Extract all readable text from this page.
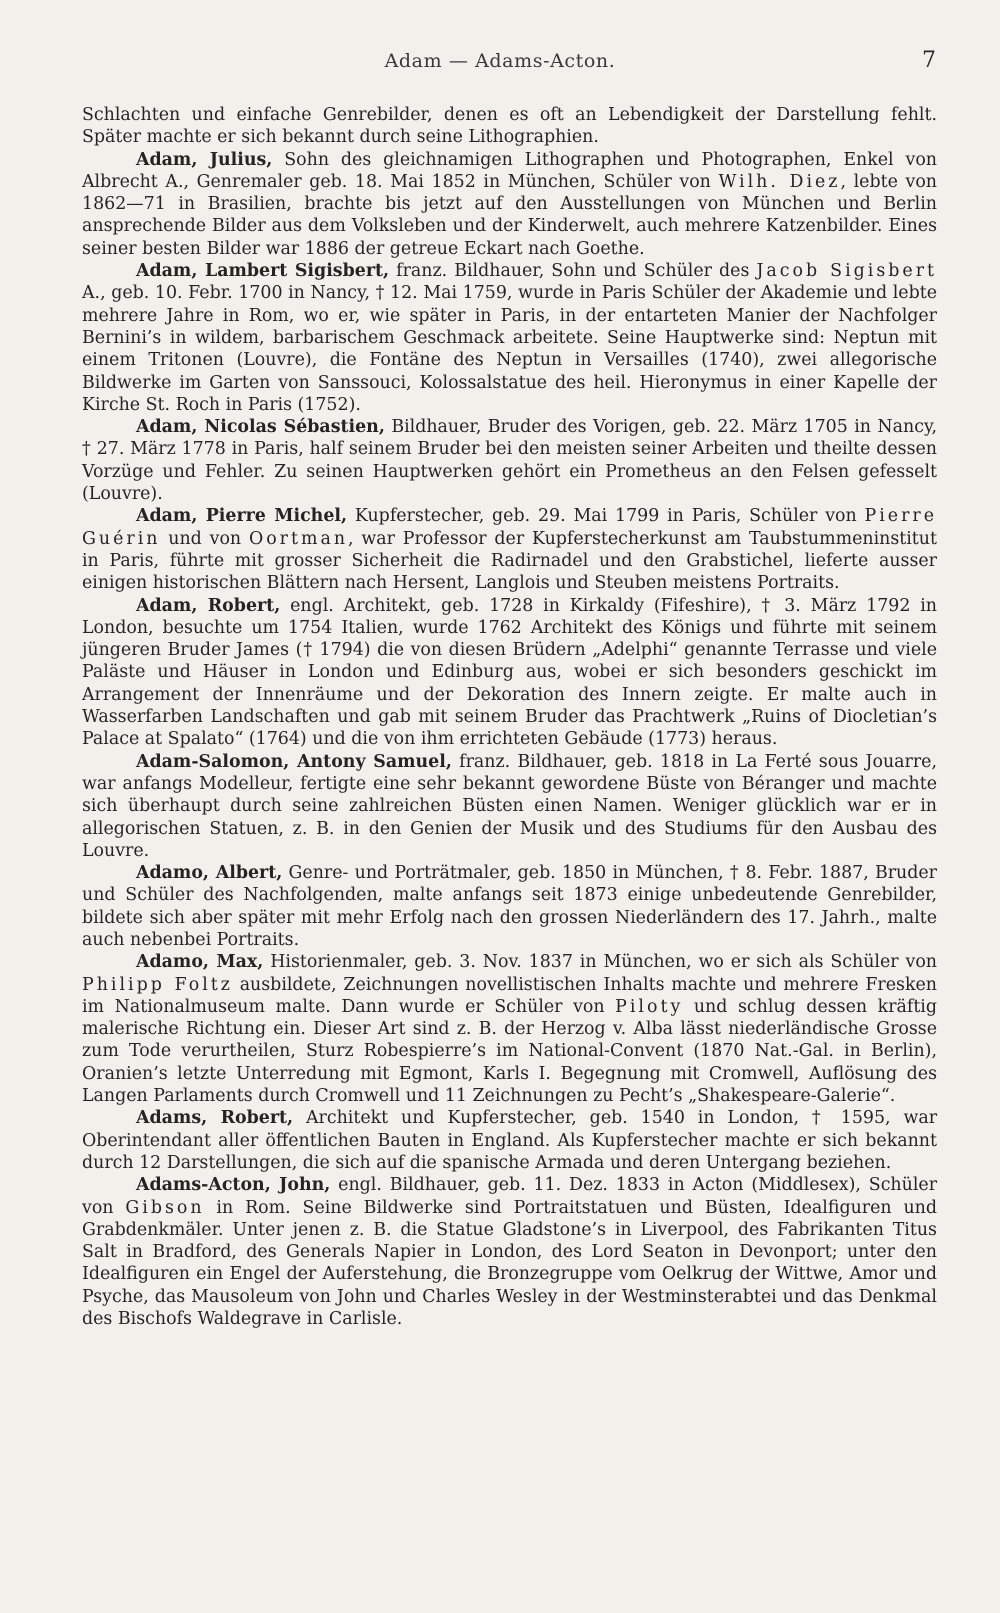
Adam — Adams-Acton.	7

Schlachten und einfache Genrebilder, denen es oft an Lebendigkeit der Darstellung fehlt. Später machte er sich bekannt durch seine Lithographien.

Adam, Julius, Sohn des gleichnamigen Lithographen und Photographen, Enkel von Albrecht A., Genremaler geb. 18. Mai 1852 in München, Schüler von Wilh. Diez, lebte von 1862—71 in Brasilien, brachte bis jetzt auf den Ausstellungen von München und Berlin ansprechende Bilder aus dem Volksleben und der Kinderwelt, auch mehrere Katzenbilder. Eines seiner besten Bilder war 1886 der getreue Eckart nach Goethe.

Adam, Lambert Sigisbert, franz. Bildhauer, Sohn und Schüler des Jacob Sigisbert A., geb. 10. Febr. 1700 in Nancy, † 12. Mai 1759, wurde in Paris Schüler der Akademie und lebte mehrere Jahre in Rom, wo er, wie später in Paris, in der entarteten Manier der Nachfolger Bernini’s in wildem, barbarischem Geschmack arbeitete. Seine Hauptwerke sind: Neptun mit einem Tritonen (Louvre), die Fontäne des Neptun in Versailles (1740), zwei allegorische Bildwerke im Garten von Sanssouci, Kolossalstatue des heil. Hieronymus in einer Kapelle der Kirche St. Roch in Paris (1752).

Adam, Nicolas Sébastien, Bildhauer, Bruder des Vorigen, geb. 22. März 1705 in Nancy, † 27. März 1778 in Paris, half seinem Bruder bei den meisten seiner Arbeiten und theilte dessen Vorzüge und Fehler. Zu seinen Hauptwerken gehört ein Prometheus an den Felsen gefesselt (Louvre).

Adam, Pierre Michel, Kupferstecher, geb. 29. Mai 1799 in Paris, Schüler von Pierre Guérin und von Oortman, war Professor der Kupferstecherkunst am Taubstummeninstitut in Paris, führte mit grosser Sicherheit die Radirnadel und den Grabstichel, lieferte ausser einigen historischen Blättern nach Hersent, Langlois und Steuben meistens Portraits.

Adam, Robert, engl. Architekt, geb. 1728 in Kirkaldy (Fifeshire), † 3. März 1792 in London, besuchte um 1754 Italien, wurde 1762 Architekt des Königs und führte mit seinem jüngeren Bruder James († 1794) die von diesen Brüdern „Adelphi“ genannte Terrasse und viele Paläste und Häuser in London und Edinburg aus, wobei er sich besonders geschickt im Arrangement der Innenräume und der Dekoration des Innern zeigte. Er malte auch in Wasserfarben Landschaften und gab mit seinem Bruder das Prachtwerk „Ruins of Diocletian’s Palace at Spalato“ (1764) und die von ihm errichteten Gebäude (1773) heraus.

Adam-Salomon, Antony Samuel, franz. Bildhauer, geb. 1818 in La Ferté sous Jouarre, war anfangs Modelleur, fertigte eine sehr bekannt gewordene Büste von Béranger und machte sich überhaupt durch seine zahlreichen Büsten einen Namen. Weniger glücklich war er in allegorischen Statuen, z. B. in den Genien der Musik und des Studiums für den Ausbau des Louvre.

Adamo, Albert, Genre- und Porträtmaler, geb. 1850 in München, † 8. Febr. 1887, Bruder und Schüler des Nachfolgenden, malte anfangs seit 1873 einige unbedeutende Genrebilder, bildete sich aber später mit mehr Erfolg nach den grossen Niederländern des 17. Jahrh., malte auch nebenbei Portraits.

Adamo, Max, Historienmaler, geb. 3. Nov. 1837 in München, wo er sich als Schüler von Philipp Foltz ausbildete, Zeichnungen novellistischen Inhalts machte und mehrere Fresken im Nationalmuseum malte. Dann wurde er Schüler von Piloty und schlug dessen kräftig malerische Richtung ein. Dieser Art sind z. B. der Herzog v. Alba lässt niederländische Grosse zum Tode verurtheilen, Sturz Robespierre’s im National-Convent (1870 Nat.-Gal. in Berlin), Oranien’s letzte Unterredung mit Egmont, Karls I. Begegnung mit Cromwell, Auflösung des Langen Parlaments durch Cromwell und 11 Zeichnungen zu Pecht’s „Shakespeare-Galerie“.

Adams, Robert, Architekt und Kupferstecher, geb. 1540 in London, † 1595, war Oberintendant aller öffentlichen Bauten in England. Als Kupferstecher machte er sich bekannt durch 12 Darstellungen, die sich auf die spanische Armada und deren Untergang beziehen.

Adams-Acton, John, engl. Bildhauer, geb. 11. Dez. 1833 in Acton (Middlesex), Schüler von Gibson in Rom. Seine Bildwerke sind Portraitstatuen und Büsten, Idealfiguren und Grabdenkmäler. Unter jenen z. B. die Statue Gladstone’s in Liverpool, des Fabrikanten Titus Salt in Bradford, des Generals Napier in London, des Lord Seaton in Devonport; unter den Idealfiguren ein Engel der Auferstehung, die Bronzegruppe vom Oelkrug der Wittwe, Amor und Psyche, das Mausoleum von John und Charles Wesley in der Westminsterabtei und das Denkmal des Bischofs Waldegrave in Carlisle.
